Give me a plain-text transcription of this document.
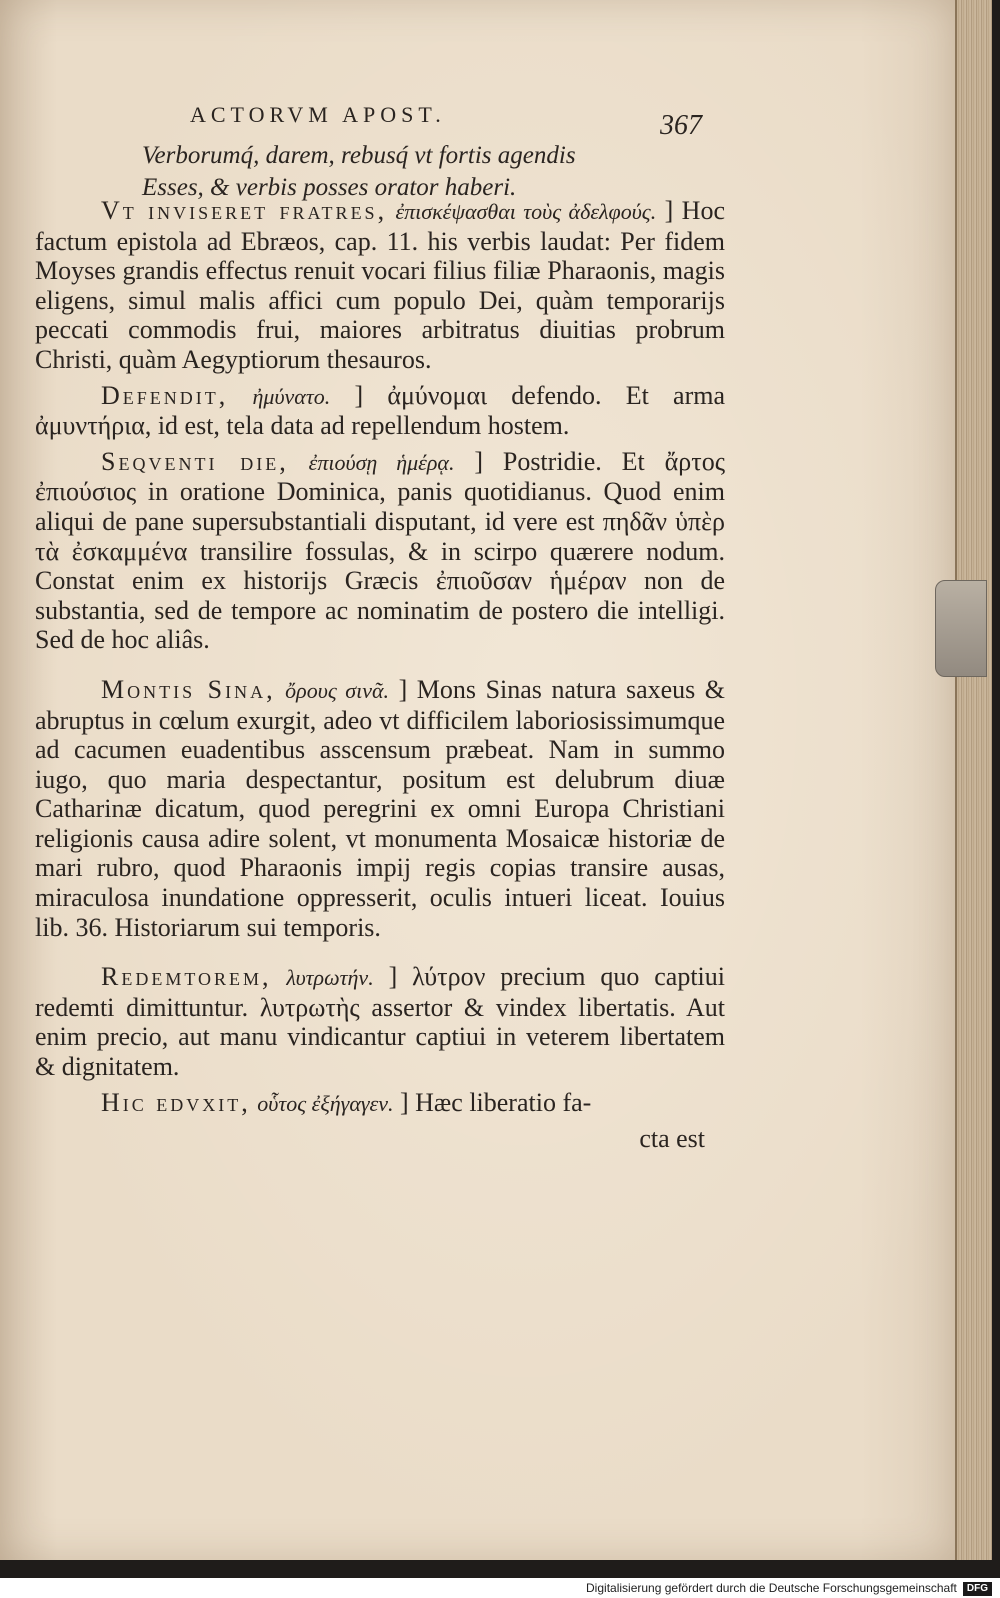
ACTORVM APOST.	367
Verborumq́, darem, rebusq́ vt fortis agendis
Esses, & verbis posses orator haberi.

Vt inviseret fratres, ἐπισκέψασθαι τοὺς ἀδελφούς. ] Hoc factum epistola ad Ebræos, cap. 11. his verbis laudat: Per fidem Moyses grandis effectus renuit vocari filius filiæ Pharaonis, magis eligens, simul malis affici cum populo Dei, quàm temporarijs peccati commodis frui, maiores arbitratus diuitias probrum Christi, quàm Aegyptiorum thesauros.

Defendit, ἠμύνατο. ] ἀμύνομαι defendo. Et arma ἀμυντήρια, id est, tela data ad repellendum hostem.

Seqventi die, ἐπιούσῃ ἡμέρᾳ. ] Postridie. Et ἄρτος ἐπιούσιος in oratione Dominica, panis quotidianus. Quod enim aliqui de pane supersubstantiali disputant, id vere est πηδᾶν ὑπὲρ τὰ ἐσκαμμένα transilire fossulas, & in scirpo quærere nodum. Constat enim ex historijs Græcis ἐπιοῦσαν ἡμέραν non de substantia, sed de tempore ac nominatim de postero die intelligi. Sed de hoc aliâs.

Montis Sina, ὄρους σινᾶ. ] Mons Sinas natura saxeus & abruptus in cœlum exurgit, adeo vt difficilem laboriosissimumque ad cacumen euadentibus asscensum præbeat. Nam in summo iugo, quo maria despectantur, positum est delubrum diuæ Catharinæ dicatum, quod peregrini ex omni Europa Christiani religionis causa adire solent, vt monumenta Mosaicæ historiæ de mari rubro, quod Pharaonis impij regis copias transire ausas, miraculosa inundatione oppresserit, oculis intueri liceat. Iouius lib. 36. Historiarum sui temporis.

Redemtorem, λυτρωτήν. ] λύτρον precium quo captiui redemti dimittuntur. λυτρωτὴς assertor & vindex libertatis. Aut enim precio, aut manu vindicantur captiui in veterem libertatem & dignitatem.

Hic edvxit, οὗτος ἐξήγαγεν. ] Hæc liberatio fa-

cta est

Digitalisierung gefördert durch die Deutsche Forschungsgemeinschaft DFG
